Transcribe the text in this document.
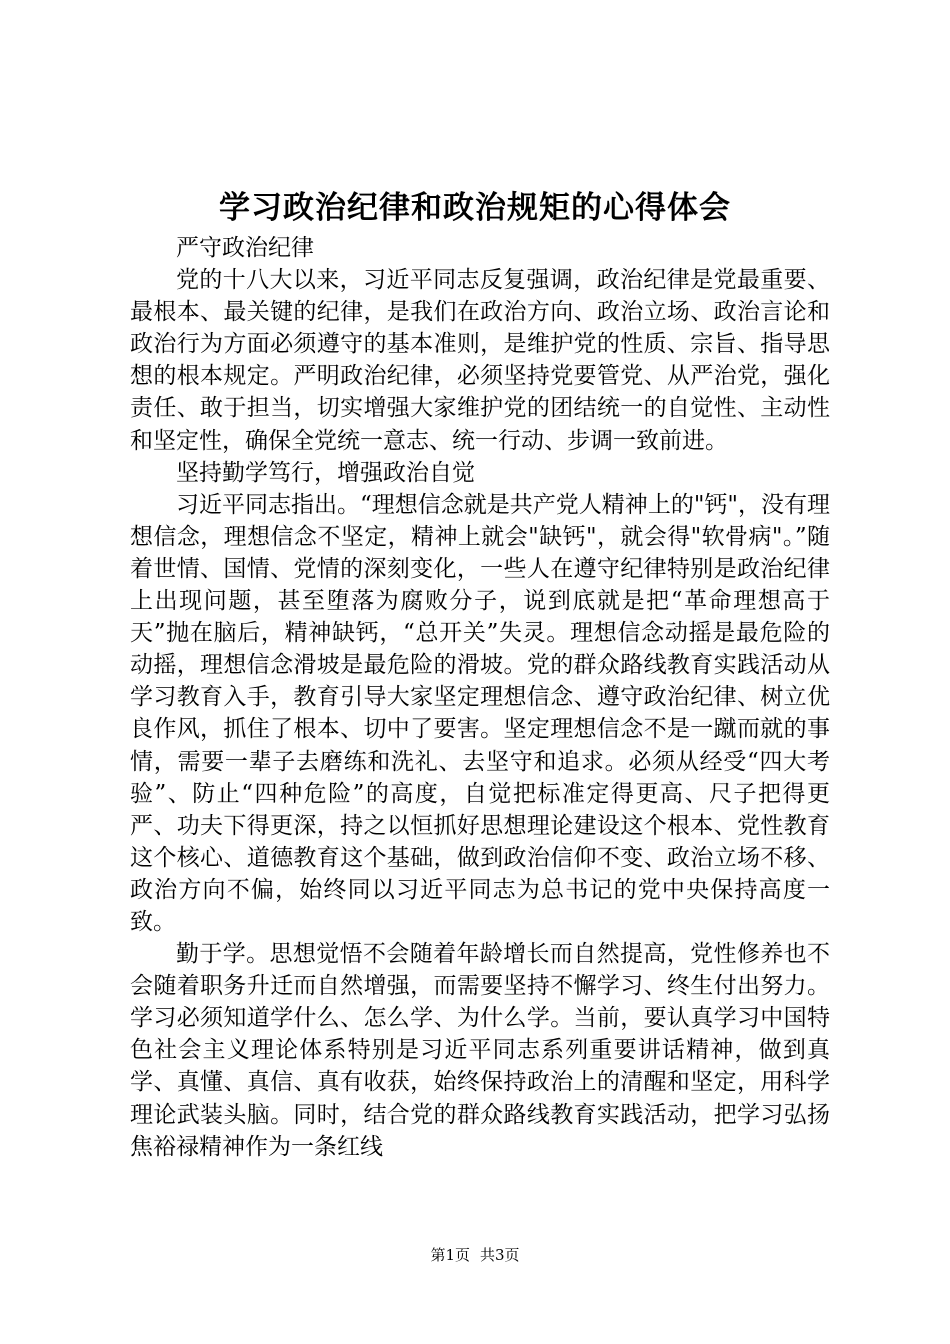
学习政治纪律和政治规矩的心得体会

严守政治纪律

党的十八大以来，习近平同志反复强调，政治纪律是党最重要、最根本、最关键的纪律，是我们在政治方向、政治立场、政治言论和政治行为方面必须遵守的基本准则，是维护党的性质、宗旨、指导思想的根本规定。严明政治纪律，必须坚持党要管党、从严治党，强化责任、敢于担当，切实增强大家维护党的团结统一的自觉性、主动性和坚定性，确保全党统一意志、统一行动、步调一致前进。

坚持勤学笃行，增强政治自觉

习近平同志指出。“理想信念就是共产党人精神上的"钙"，没有理想信念，理想信念不坚定，精神上就会"缺钙"，就会得"软骨病"。”随着世情、国情、党情的深刻变化，一些人在遵守纪律特别是政治纪律上出现问题，甚至堕落为腐败分子，说到底就是把“革命理想高于天”抛在脑后，精神缺钙，“总开关”失灵。理想信念动摇是最危险的动摇，理想信念滑坡是最危险的滑坡。党的群众路线教育实践活动从学习教育入手，教育引导大家坚定理想信念、遵守政治纪律、树立优良作风，抓住了根本、切中了要害。坚定理想信念不是一蹴而就的事情，需要一辈子去磨练和洗礼、去坚守和追求。必须从经受“四大考验”、防止“四种危险”的高度，自觉把标准定得更高、尺子把得更严、功夫下得更深，持之以恒抓好思想理论建设这个根本、党性教育这个核心、道德教育这个基础，做到政治信仰不变、政治立场不移、政治方向不偏，始终同以习近平同志为总书记的党中央保持高度一致。

勤于学。思想觉悟不会随着年龄增长而自然提高，党性修养也不会随着职务升迁而自然增强，而需要坚持不懈学习、终生付出努力。学习必须知道学什么、怎么学、为什么学。当前，要认真学习中国特色社会主义理论体系特别是习近平同志系列重要讲话精神，做到真学、真懂、真信、真有收获，始终保持政治上的清醒和坚定，用科学理论武装头脑。同时，结合党的群众路线教育实践活动，把学习弘扬焦裕禄精神作为一条红线

第1页 共3页
